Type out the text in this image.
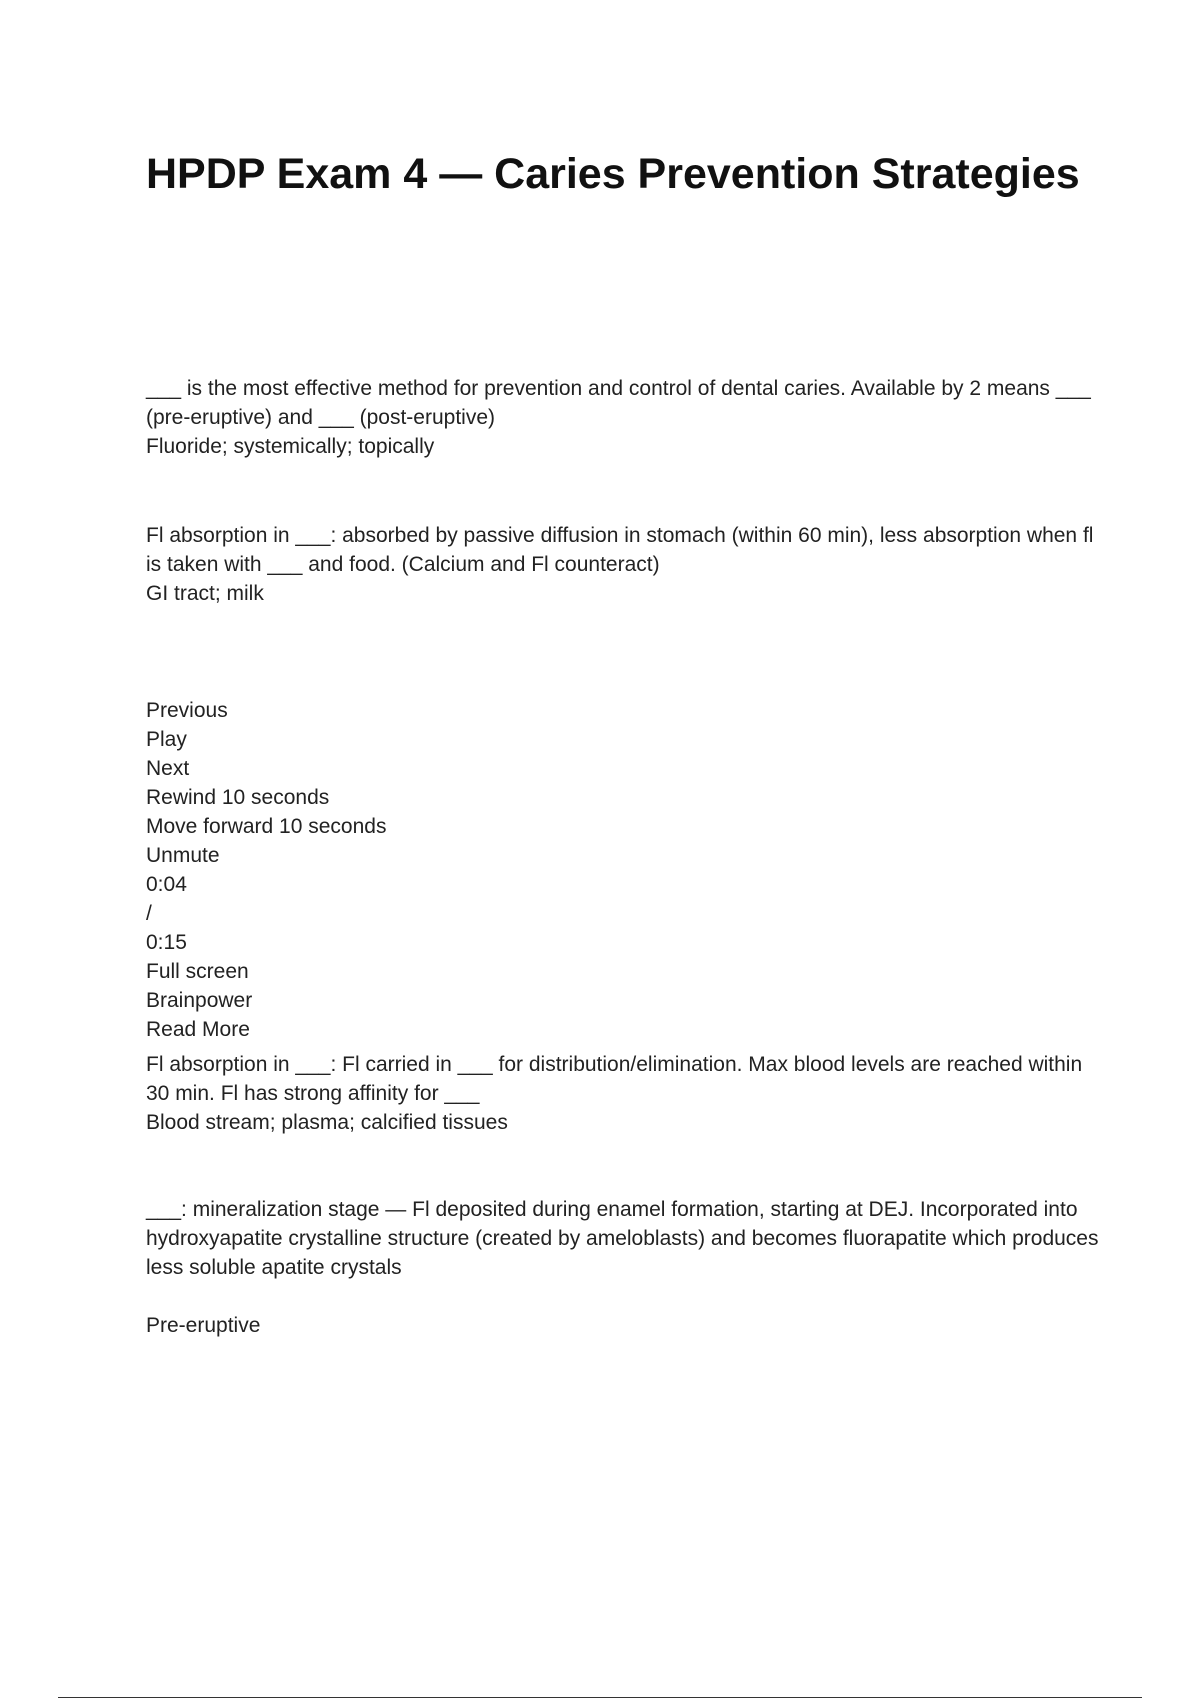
HPDP Exam 4 — Caries Prevention Strategies

___ is the most effective method for prevention and control of dental caries. Available by 2 means ___ (pre-eruptive) and ___ (post-eruptive)

Fluoride; systemically; topically

Fl absorption in ___: absorbed by passive diffusion in stomach (within 60 min), less absorption when fl is taken with ___ and food. (Calcium and Fl counteract)

GI tract; milk

Previous
Play
Next
Rewind 10 seconds
Move forward 10 seconds
Unmute
0:04
/
0:15
Full screen
Brainpower
Read More

Fl absorption in ___: Fl carried in ___ for distribution/elimination. Max blood levels are reached within 30 min. Fl has strong affinity for ___

Blood stream; plasma; calcified tissues

___: mineralization stage — Fl deposited during enamel formation, starting at DEJ. Incorporated into hydroxyapatite crystalline structure (created by ameloblasts) and becomes fluorapatite which produces less soluble apatite crystals

Pre-eruptive
